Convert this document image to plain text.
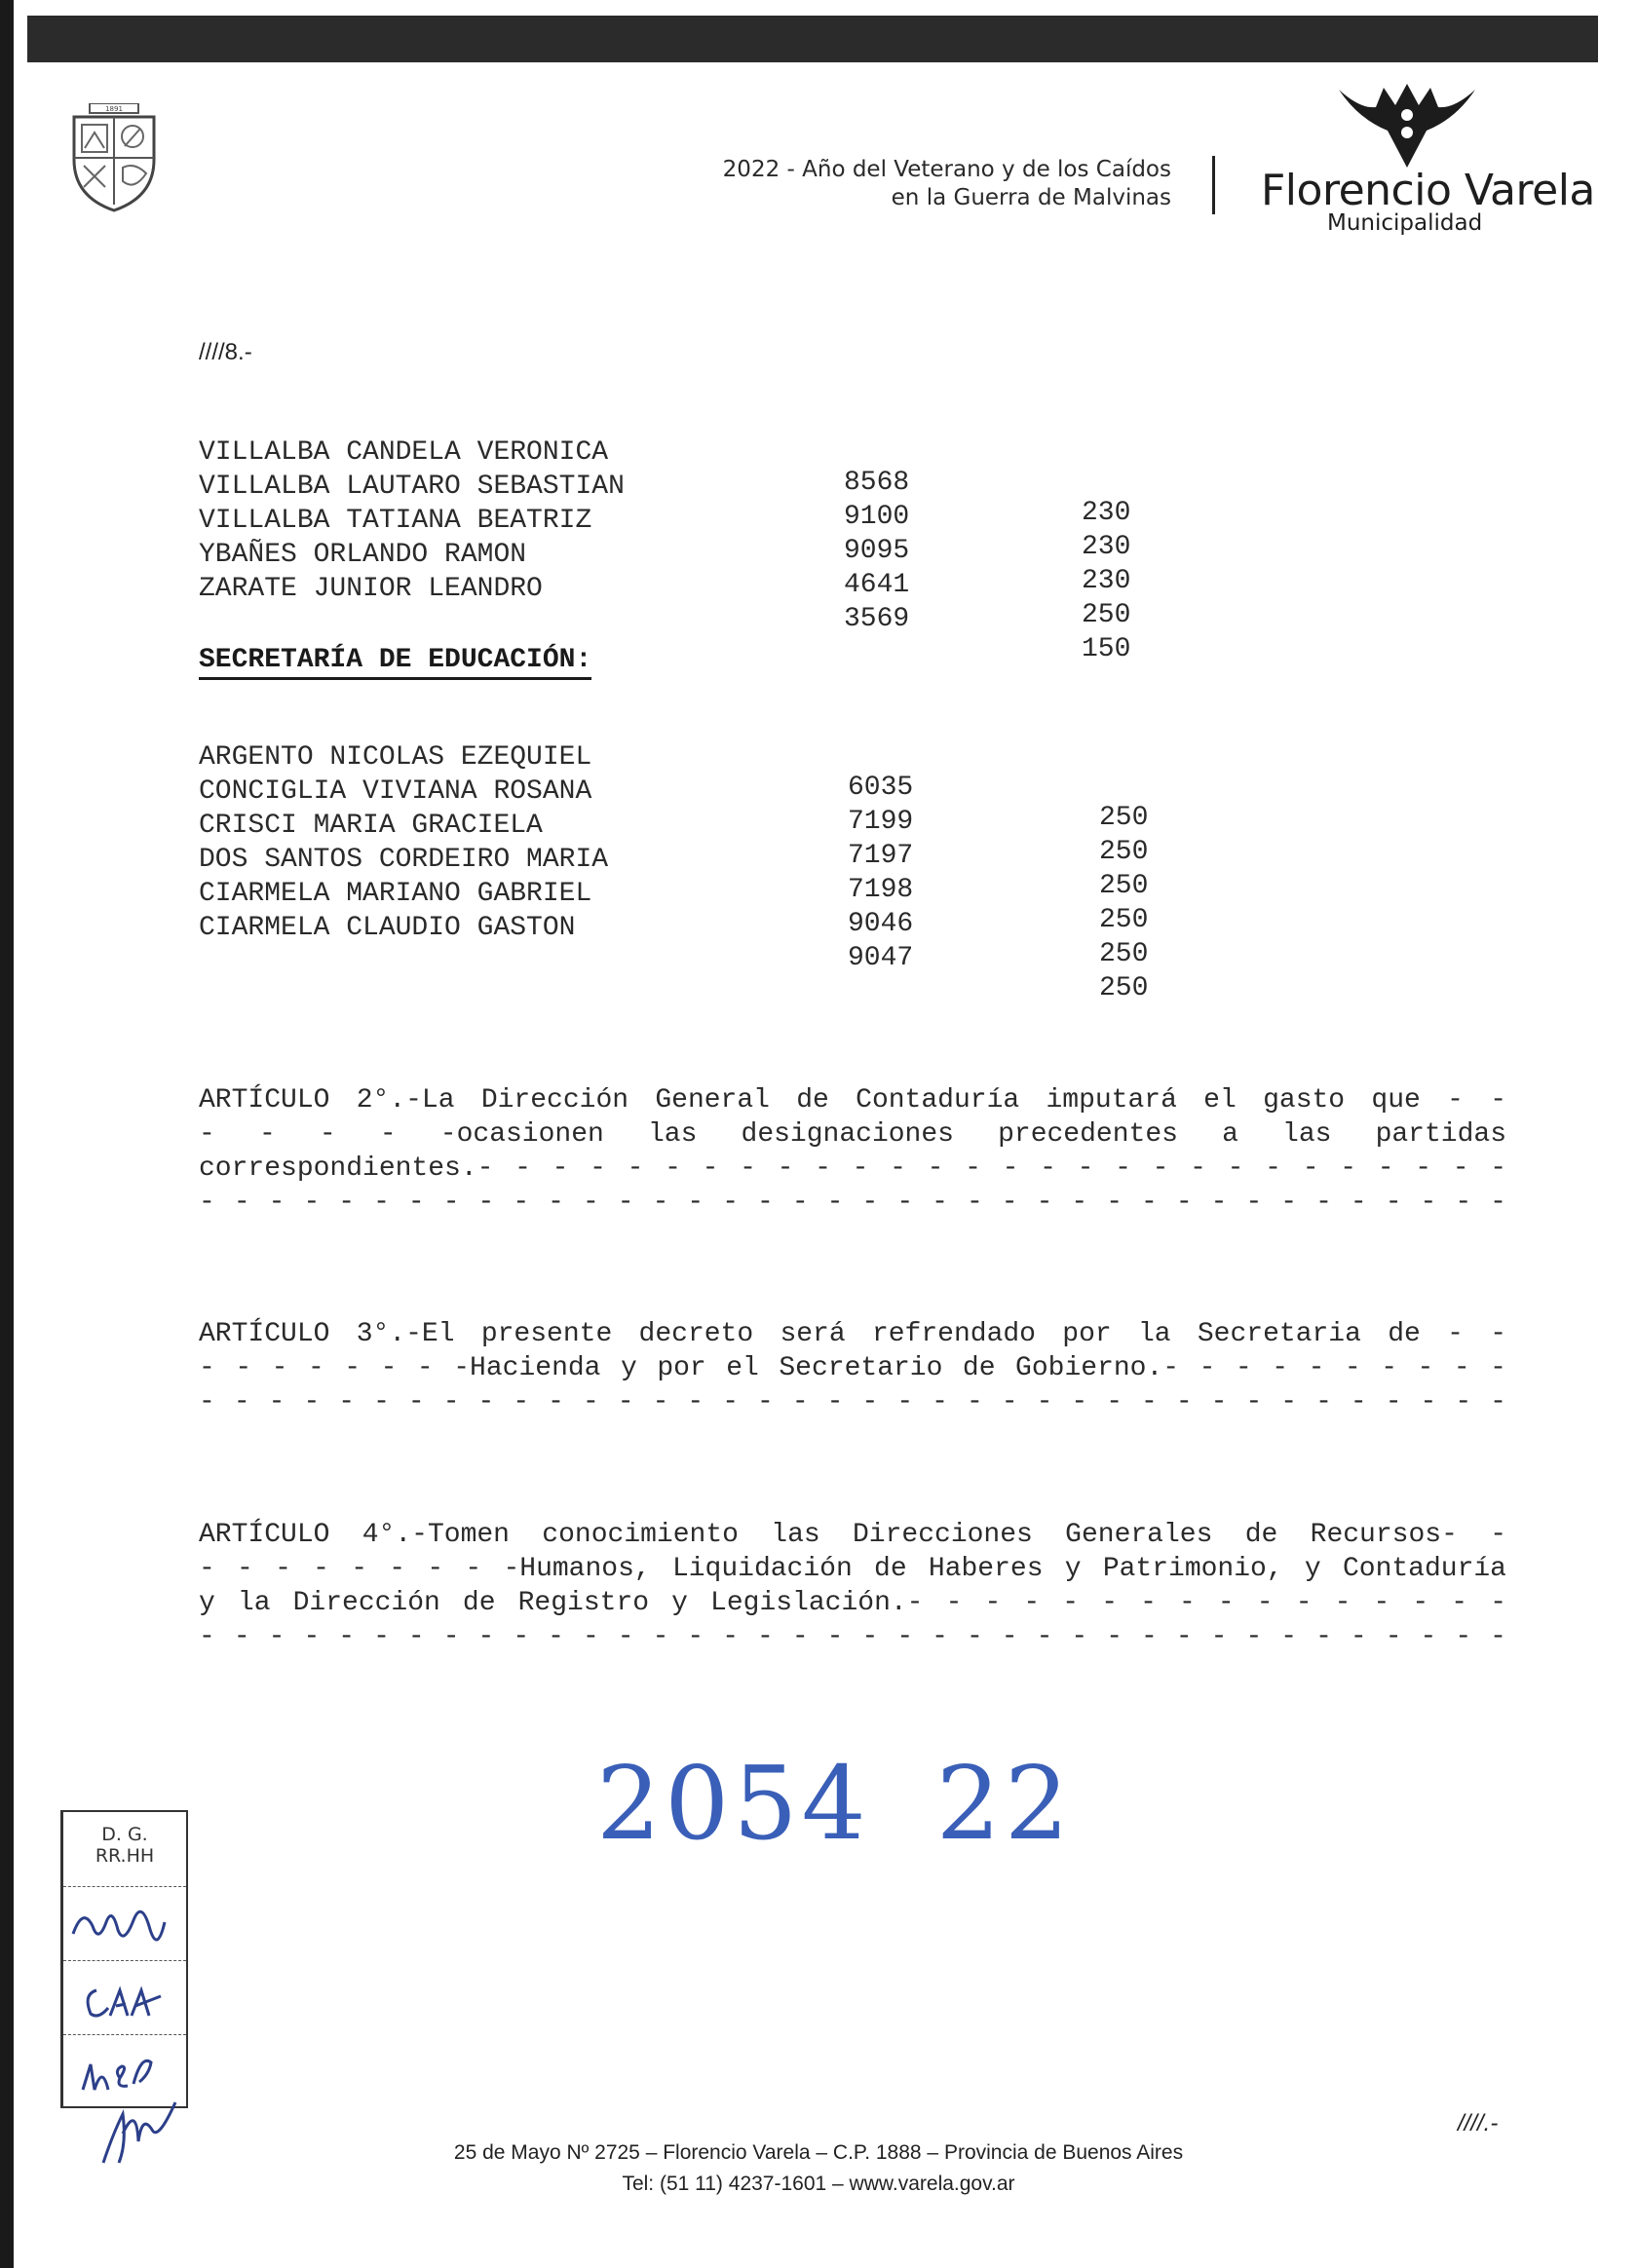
1891
2022 - Año del Veterano y de los Caídos
en la Guerra de Malvinas Florencio Varela
Municipalidad
////8.-

VILLALBA CANDELA VERONICA

8568

230

VILLALBA LAUTARO SEBASTIAN

9100

230

VILLALBA TATIANA BEATRIZ

9095

230

YBAÑES ORLANDO RAMON

4641

250

ZARATE JUNIOR LEANDRO

3569

150

SECRETARÍA DE EDUCACIÓN:

ARGENTO NICOLAS EZEQUIEL

6035

250

CONCIGLIA VIVIANA ROSANA

7199

250

CRISCI MARIA GRACIELA

7197

250

DOS SANTOS CORDEIRO MARIA

7198

250

CIARMELA MARIANO GABRIEL

9046

250

CIARMELA CLAUDIO GASTON

9047

250

ARTÍCULO 2°.-La Dirección General de Contaduría imputará el gasto que - -
- - - - -ocasionen las designaciones precedentes a las partidas
correspondientes.- - - - - - - - - - - - - - - - - - - - - - - - - - - -
- - - - - - - - - - - - - - - - - - - - - - - - - - - - - - - - - - - - - -
ARTÍCULO 3°.-El presente decreto será refrendado por la Secretaria de - -
- - - - - - - -Hacienda y por el Secretario de Gobierno.- - - - - - - - - -
- - - - - - - - - - - - - - - - - - - - - - - - - - - - - - - - - - - - - -
ARTÍCULO 4°.-Tomen conocimiento las Direcciones Generales de Recursos- -
- - - - - - - - -Humanos, Liquidación de Haberes y Patrimonio, y Contaduría
y la Dirección de Registro y Legislación.- - - - - - - - - - - - - - - -
- - - - - - - - - - - - - - - - - - - - - - - - - - - - - - - - - - - - - -
2054 22
D. G.
RR.HH
25 de Mayo Nº 2725 – Florencio Varela – C.P. 1888 – Provincia de Buenos Aires
Tel: (51 11) 4237-1601 – www.varela.gov.ar
////.-
